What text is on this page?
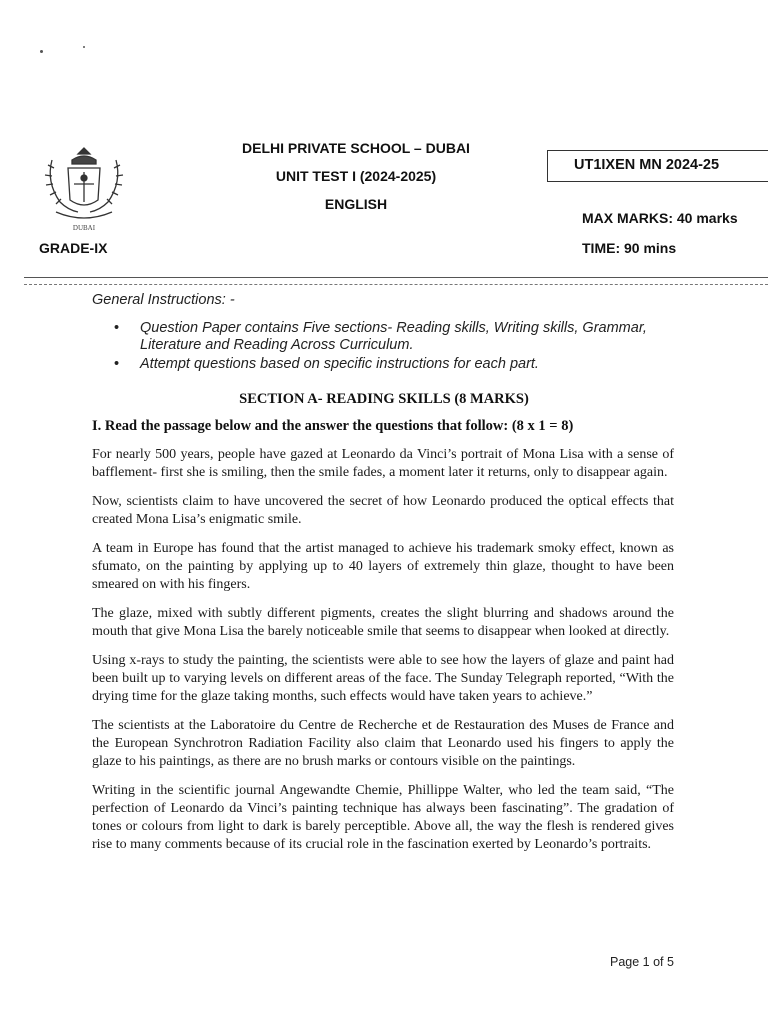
DUBAI
DELHI PRIVATE SCHOOL – DUBAI
UNIT TEST I (2024-2025)
ENGLISH
UT1IXEN MN 2024-25
MAX MARKS: 40 marks
GRADE-IX	TIME: 90 mins
General Instructions: -
• Question Paper contains Five sections- Reading skills, Writing skills, Grammar, Literature and Reading Across Curriculum.
• Attempt questions based on specific instructions for each part.
SECTION A- READING SKILLS (8 MARKS)
I. Read the passage below and the answer the questions that follow: (8 x 1 = 8)

For nearly 500 years, people have gazed at Leonardo da Vinci’s portrait of Mona Lisa with a sense of bafflement- first she is smiling, then the smile fades, a moment later it returns, only to disappear again.

Now, scientists claim to have uncovered the secret of how Leonardo produced the optical effects that created Mona Lisa’s enigmatic smile.

A team in Europe has found that the artist managed to achieve his trademark smoky effect, known as sfumato, on the painting by applying up to 40 layers of extremely thin glaze, thought to have been smeared on with his fingers.

The glaze, mixed with subtly different pigments, creates the slight blurring and shadows around the mouth that give Mona Lisa the barely noticeable smile that seems to disappear when looked at directly.

Using x-rays to study the painting, the scientists were able to see how the layers of glaze and paint had been built up to varying levels on different areas of the face. The Sunday Telegraph reported, “With the drying time for the glaze taking months, such effects would have taken years to achieve.”

The scientists at the Laboratoire du Centre de Recherche et de Restauration des Muses de France and the European Synchrotron Radiation Facility also claim that Leonardo used his fingers to apply the glaze to his paintings, as there are no brush marks or contours visible on the paintings.

Writing in the scientific journal Angewandte Chemie, Phillippe Walter, who led the team said, “The perfection of Leonardo da Vinci’s painting technique has always been fascinating”. The gradation of tones or colours from light to dark is barely perceptible. Above all, the way the flesh is rendered gives rise to many comments because of its crucial role in the fascination exerted by Leonardo’s portraits.

Page 1 of 5
